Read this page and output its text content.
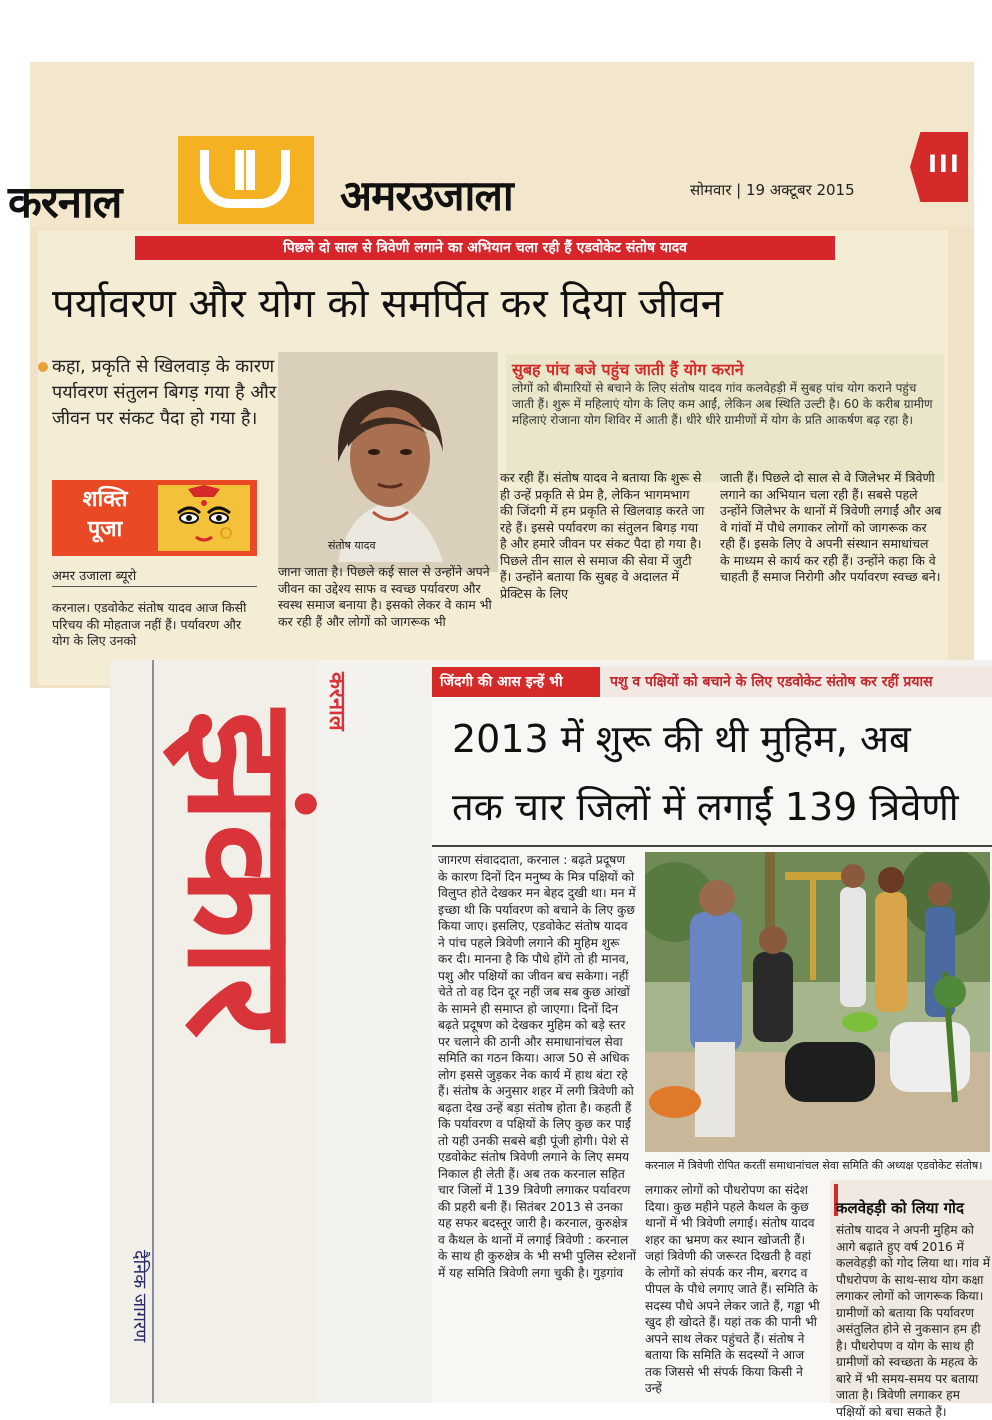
करनाल	अमरउजाला	सोमवार | 19 अक्टूबर 2015
III
पिछले दो साल से त्रिवेणी लगाने का अभियान चला रही हैं एडवोकेट संतोष यादव
पर्यावरण और योग को समर्पित कर दिया जीवन
कहा, प्रकृति से खिलवाड़ के कारण पर्यावरण संतुलन बिगड़ गया है और जीवन पर संकट पैदा हो गया है।
संतोष यादव
शक्ति
पूजा
अमर उजाला ब्यूरो
करनाल। एडवोकेट संतोष यादव आज किसी परिचय की मोहताज नहीं हैं। पर्यावरण और योग के लिए उनको
जाना जाता है। पिछले कई साल से उन्होंने अपने जीवन का उद्देश्य साफ व स्वच्छ पर्यावरण और स्वस्थ समाज बनाया है। इसको लेकर वे काम भी कर रही हैं और लोगों को जागरूक भी
सुबह पांच बजे पहुंच जाती हैं योग कराने
लोगों को बीमारियों से बचाने के लिए संतोष यादव गांव कलवेहड़ी में सुबह पांच योग कराने पहुंच जाती हैं। शुरू में महिलाएं योग के लिए कम आईं, लेकिन अब स्थिति उल्टी है। 60 के करीब ग्रामीण महिलाएं रोजाना योग शिविर में आती हैं। धीरे धीरे ग्रामीणों में योग के प्रति आकर्षण बढ़ रहा है।
कर रही हैं। संतोष यादव ने बताया कि शुरू से ही उन्हें प्रकृति से प्रेम है, लेकिन भागमभाग की जिंदगी में हम प्रकृति से खिलवाड़ करते जा रहे हैं। इससे पर्यावरण का संतुलन बिगड़ गया है और हमारे जीवन पर संकट पैदा हो गया है। पिछले तीन साल से समाज की सेवा में जुटी हैं। उन्होंने बताया कि सुबह वे अदालत में प्रेक्टिस के लिए
जाती हैं। पिछले दो साल से वे जिलेभर में त्रिवेणी लगाने का अभियान चला रही हैं। सबसे पहले उन्होंने जिलेभर के थानों में त्रिवेणी लगाईं और अब वे गांवों में पौधे लगाकर लोगों को जागरूक कर रही हैं। इसके लिए वे अपनी संस्थान समाधांचल के माध्यम से कार्य कर रही हैं। उन्होंने कहा कि वे चाहती हैं समाज निरोगी और पर्यावरण स्वच्छ बने।
झंकार
दैनिक जागरण
करनाल	जिंदगी की आस इन्हें भी	पशु व पक्षियों को बचाने के लिए एडवोकेट संतोष कर रहीं प्रयास
2013 में शुरू की थी मुहिम, अब
तक चार जिलों में लगाईं 139 त्रिवेणी
जागरण संवाददाता, करनाल : बढ़ते प्रदूषण के कारण दिनों दिन मनुष्य के मित्र पक्षियों को विलुप्त होते देखकर मन बेहद दुखी था। मन में इच्छा थी कि पर्यावरण को बचाने के लिए कुछ किया जाए। इसलिए, एडवोकेट संतोष यादव ने पांच पहले त्रिवेणी लगाने की मुहिम शुरू कर दी। मानना है कि पौधे होंगे तो ही मानव, पशु और पक्षियों का जीवन बच सकेगा। नहीं चेते तो वह दिन दूर नहीं जब सब कुछ आंखों के सामने ही समाप्त हो जाएगा। दिनों दिन बढ़ते प्रदूषण को देखकर मुहिम को बड़े स्तर पर चलाने की ठानी और समाधानांचल सेवा समिति का गठन किया। आज 50 से अधिक लोग इससे जुड़कर नेक कार्य में हाथ बंटा रहे हैं। संतोष के अनुसार शहर में लगी त्रिवेणी को बढ़ता देख उन्हें बड़ा संतोष होता है। कहती हैं कि पर्यावरण व पक्षियों के लिए कुछ कर पाईं तो यही उनकी सबसे बड़ी पूंजी होगी। पेशे से एडवोकेट संतोष त्रिवेणी लगाने के लिए समय निकाल ही लेती हैं। अब तक करनाल सहित चार जिलों में 139 त्रिवेणी लगाकर पर्यावरण की प्रहरी बनी हैं। सितंबर 2013 से उनका यह सफर बदस्तूर जारी है। करनाल, कुरुक्षेत्र व कैथल के थानों में लगाई त्रिवेणी : करनाल के साथ ही कुरुक्षेत्र के भी सभी पुलिस स्टेशनों में यह समिति त्रिवेणी लगा चुकी है। गुड़गांव
करनाल में त्रिवेणी रोपित करतीं समाधानांचल सेवा समिति की अध्यक्ष एडवोकेट संतोष।
लगाकर लोगों को पौधरोपण का संदेश दिया। कुछ महीने पहले कैथल के कुछ थानों में भी त्रिवेणी लगाई। संतोष यादव शहर का भ्रमण कर स्थान खोजती हैं। जहां त्रिवेणी की जरूरत दिखती है वहां के लोगों को संपर्क कर नीम, बरगद व पीपल के पौधे लगाए जाते हैं। समिति के सदस्य पौधे अपने लेकर जाते हैं, गड्ढा भी खुद ही खोदते हैं। यहां तक की पानी भी अपने साथ लेकर पहुंचते हैं। संतोष ने बताया कि समिति के सदस्यों ने आज तक जिससे भी संपर्क किया किसी ने उन्हें
कलवेहड़ी को लिया गोद
संतोष यादव ने अपनी मुहिम को आगे बढ़ाते हुए वर्ष 2016 में कलवेहड़ी को गोद लिया था। गांव में पौधरोपण के साथ-साथ योग कक्षा लगाकर लोगों को जागरूक किया। ग्रामीणों को बताया कि पर्यावरण असंतुलित होने से नुकसान हम ही है। पौधरोपण व योग के साथ ही ग्रामीणों को स्वच्छता के महत्व के बारे में भी समय-समय पर बताया जाता है। त्रिवेणी लगाकर हम पक्षियों को बचा सकते हैं।
